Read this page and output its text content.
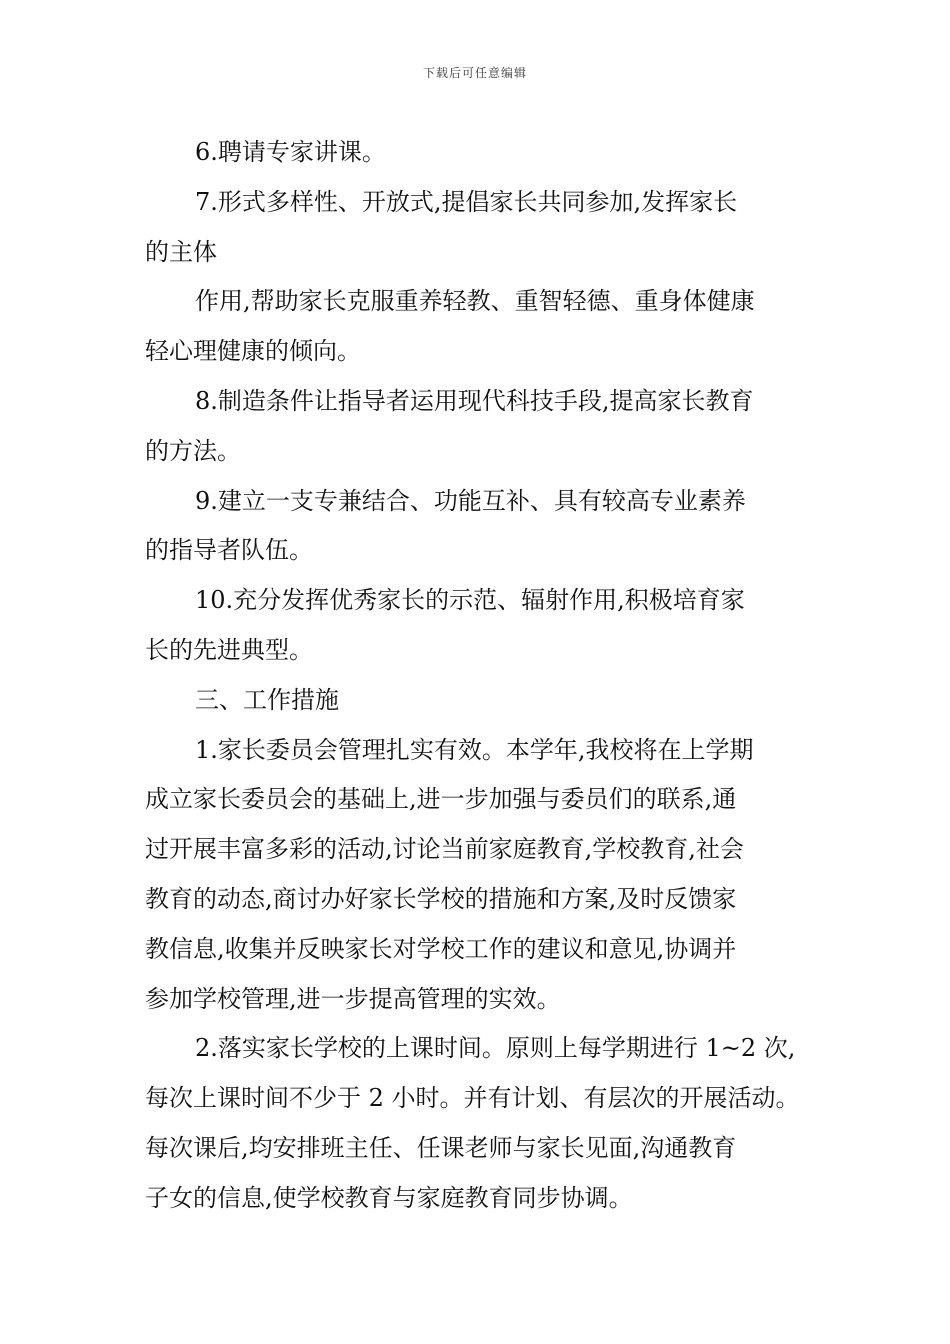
下载后可任意编辑
6.聘请专家讲课。
7.形式多样性、开放式,提倡家长共同参加,发挥家长
的主体
作用,帮助家长克服重养轻教、重智轻德、重身体健康
轻心理健康的倾向。
8.制造条件让指导者运用现代科技手段,提高家长教育
的方法。
9.建立一支专兼结合、功能互补、具有较高专业素养
的指导者队伍。
10.充分发挥优秀家长的示范、辐射作用,积极培育家
长的先进典型。
三、工作措施
1.家长委员会管理扎实有效。本学年,我校将在上学期
成立家长委员会的基础上,进一步加强与委员们的联系,通
过开展丰富多彩的活动,讨论当前家庭教育,学校教育,社会
教育的动态,商讨办好家长学校的措施和方案,及时反馈家
教信息,收集并反映家长对学校工作的建议和意见,协调并
参加学校管理,进一步提高管理的实效。
2.落实家长学校的上课时间。原则上每学期进行 1~2 次,
每次上课时间不少于 2 小时。并有计划、有层次的开展活动。
每次课后,均安排班主任、任课老师与家长见面,沟通教育
子女的信息,使学校教育与家庭教育同步协调。
